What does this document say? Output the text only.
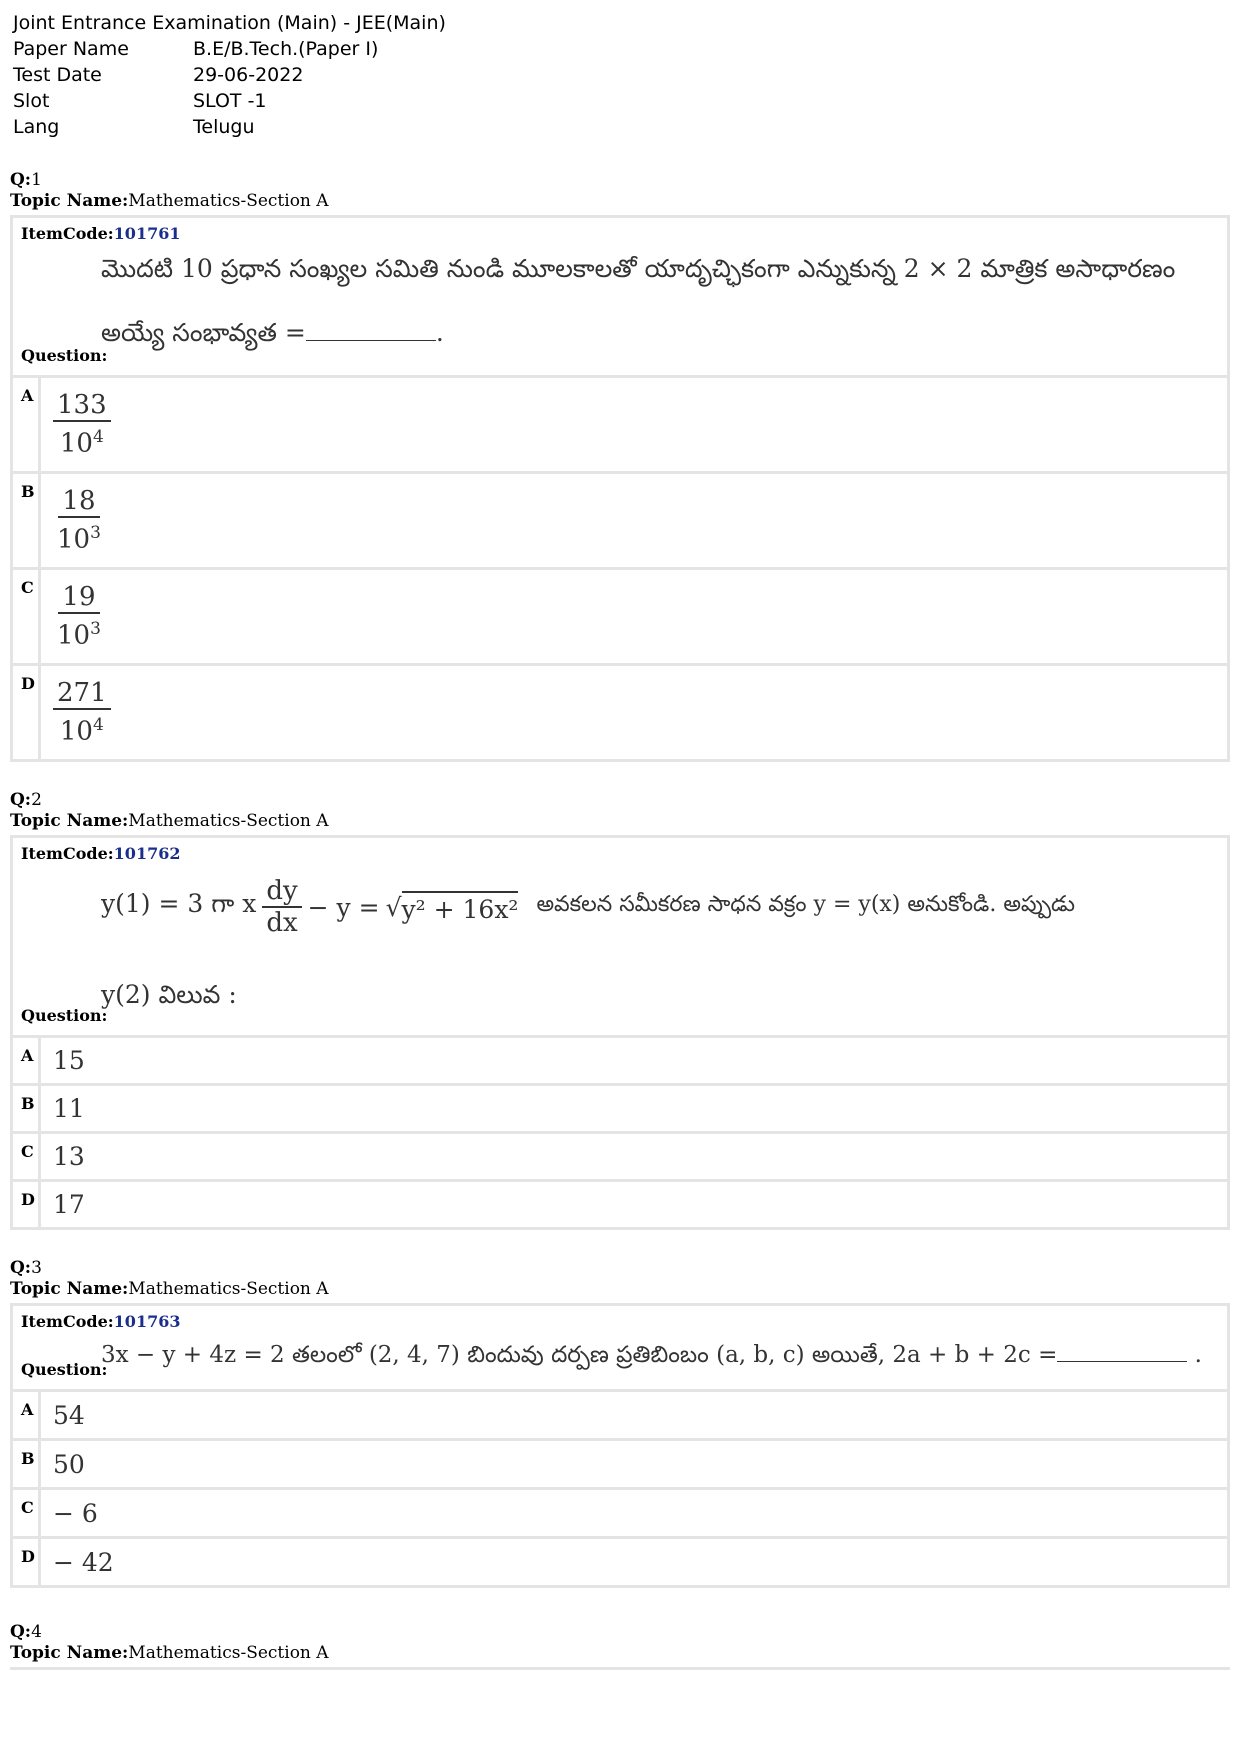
Joint Entrance Examination (Main) - JEE(Main)
Paper Name	B.E/B.Tech.(Paper I)
Test Date	29-06-2022
Slot	SLOT -1
Lang	Telugu
Q:1
Topic Name:Mathematics-Section A
ItemCode:101761
మొదటి 10 ప్రధాన సంఖ్యల సమితి నుండి మూలకాలతో యాదృచ్ఛికంగా ఎన్నుకున్న 2 × 2 మాత్రిక అసాధారణం
అయ్యే సంభావ్యత =	.
Question:
A $\frac{133}{10^4}$
B $\frac{18}{10^3}$
C $\frac{19}{10^3}$
D $\frac{271}{10^4}$
Q:2
Topic Name:Mathematics-Section A
ItemCode:101762
y(1) = 3 గా x $\frac{dy}{dx} - y$ = √ y² + 16x² అవకలన సమీకరణ సాధన వక్రం y = y(x) అనుకోండి. అప్పుడు
y(2) విలువ :
Question:
A 15
B 11
C 13
D 17
Q:3
Topic Name:Mathematics-Section A
ItemCode:101763
3x − y + 4z = 2 తలంలో (2, 4, 7) బిందువు దర్పణ ప్రతిబింబం (a, b, c) అయితే, 2a + b + 2c =	.
Question:
A 54
B 50
C − 6
D − 42
Q:4
Topic Name:Mathematics-Section A
